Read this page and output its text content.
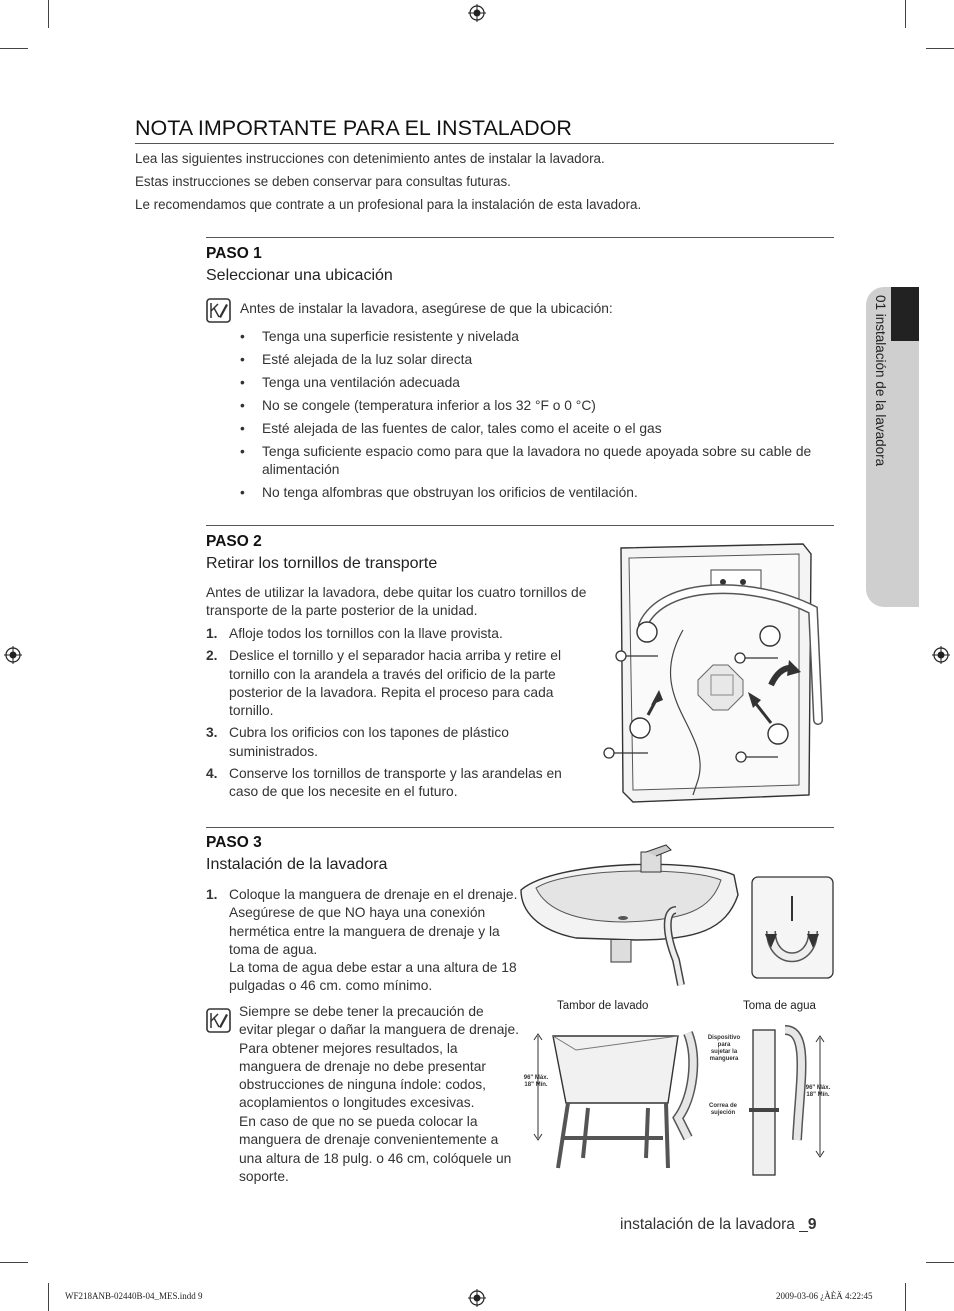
NOTA IMPORTANTE PARA EL INSTALADOR
Lea las siguientes instrucciones con detenimiento antes de instalar la lavadora.
Estas instrucciones se deben conservar para consultas futuras.
Le recomendamos que contrate a un profesional para la instalación de esta lavadora.
01 instalación de la lavadora
PASO 1
Seleccionar una ubicación
Antes de instalar la lavadora, asegúrese de que la ubicación:
• Tenga una superficie resistente y nivelada
• Esté alejada de la luz solar directa
• Tenga una ventilación adecuada
• No se congele (temperatura inferior a los 32 °F o 0 °C)
• Esté alejada de las fuentes de calor, tales como el aceite o el gas
• Tenga suficiente espacio como para que la lavadora no quede apoyada sobre su cable de alimentación
• No tenga alfombras que obstruyan los orificios de ventilación.
PASO 2
Retirar los tornillos de transporte
Antes de utilizar la lavadora, debe quitar los cuatro tornillos de transporte de la parte posterior de la unidad.
1. Afloje todos los tornillos con la llave provista.
2. Deslice el tornillo y el separador hacia arriba y retire el tornillo con la arandela a través del orificio de la parte posterior de la lavadora. Repita el proceso para cada tornillo.
3. Cubra los orificios con los tapones de plástico suministrados.
4. Conserve los tornillos de transporte y las arandelas en caso de que los necesite en el futuro.
PASO 3
Instalación de la lavadora
1. Coloque la manguera de drenaje en el drenaje. Asegúrese de que NO haya una conexión hermética entre la manguera de drenaje y la toma de agua.
La toma de agua debe estar a una altura de 18 pulgadas o 46 cm. como mínimo.
Siempre se debe tener la precaución de evitar plegar o dañar la manguera de drenaje. Para obtener mejores resultados, la manguera de drenaje no debe presentar obstrucciones de ninguna índole: codos, acoplamientos o longitudes excesivas.
En caso de que no se pueda colocar la manguera de drenaje convenientemente a una altura de 18 pulg. o 46 cm, colóquele un soporte.
Tambor de lavado	Toma de agua
96" Máx.
18" Mín.
Dispositivo
para
sujetar la
manguera
Correa de
sujeción
96" Máx.
18" Mín.
instalación de la lavadora _9
WF218ANB-02440B-04_MES.indd 9	2009-03-06 ¿ÀÈÄ 4:22:45
